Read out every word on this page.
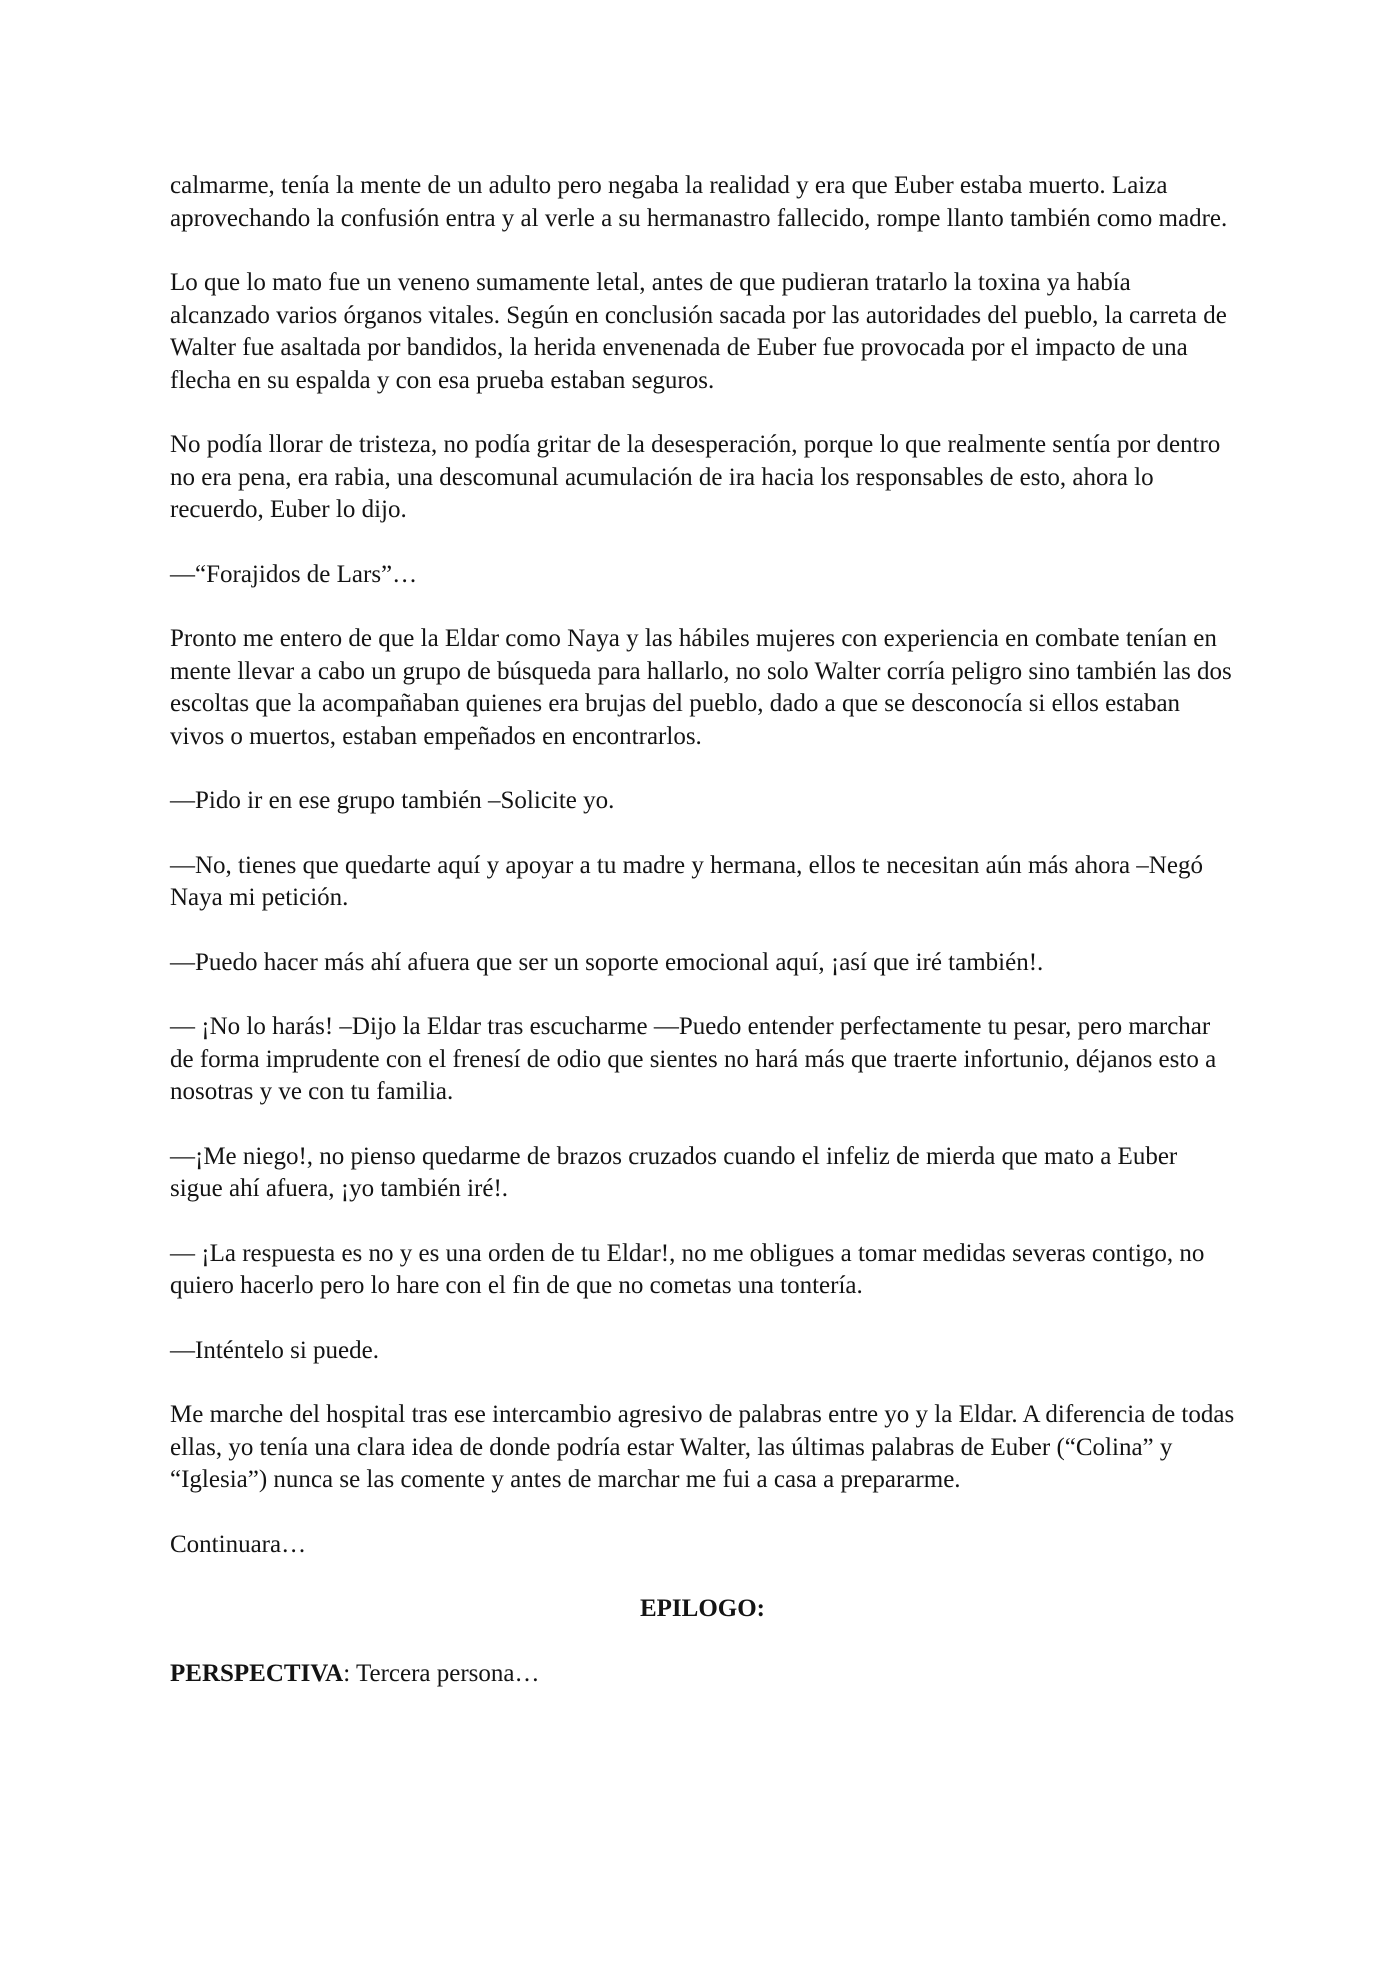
calmarme, tenía la mente de un adulto pero negaba la realidad y era que Euber estaba muerto. Laiza aprovechando la confusión entra y al verle a su hermanastro fallecido, rompe llanto también como madre.

Lo que lo mato fue un veneno sumamente letal, antes de que pudieran tratarlo la toxina ya había alcanzado varios órganos vitales. Según en conclusión sacada por las autoridades del pueblo, la carreta de Walter fue asaltada por bandidos, la herida envenenada de Euber fue provocada por el impacto de una flecha en su espalda y con esa prueba estaban seguros.

No podía llorar de tristeza, no podía gritar de la desesperación, porque lo que realmente sentía por dentro no era pena, era rabia, una descomunal acumulación de ira hacia los responsables de esto, ahora lo recuerdo, Euber lo dijo.

—“Forajidos de Lars”…

Pronto me entero de que la Eldar como Naya y las hábiles mujeres con experiencia en combate tenían en mente llevar a cabo un grupo de búsqueda para hallarlo, no solo Walter corría peligro sino también las dos escoltas que la acompañaban quienes era brujas del pueblo, dado a que se desconocía si ellos estaban vivos o muertos, estaban empeñados en encontrarlos.

—Pido ir en ese grupo también –Solicite yo.

—No, tienes que quedarte aquí y apoyar a tu madre y hermana, ellos te necesitan aún más ahora –Negó Naya mi petición.

—Puedo hacer más ahí afuera que ser un soporte emocional aquí, ¡así que iré también!.

— ¡No lo harás! –Dijo la Eldar tras escucharme —Puedo entender perfectamente tu pesar, pero marchar de forma imprudente con el frenesí de odio que sientes no hará más que traerte infortunio, déjanos esto a nosotras y ve con tu familia.

—¡Me niego!, no pienso quedarme de brazos cruzados cuando el infeliz de mierda que mato a Euber sigue ahí afuera, ¡yo también iré!.

— ¡La respuesta es no y es una orden de tu Eldar!, no me obligues a tomar medidas severas contigo, no quiero hacerlo pero lo hare con el fin de que no cometas una tontería.

—Inténtelo si puede.

Me marche del hospital tras ese intercambio agresivo de palabras entre yo y la Eldar. A diferencia de todas ellas, yo tenía una clara idea de donde podría estar Walter, las últimas palabras de Euber (“Colina” y “Iglesia”) nunca se las comente y antes de marchar me fui a casa a prepararme.

Continuara…

EPILOGO:

PERSPECTIVA: Tercera persona…
